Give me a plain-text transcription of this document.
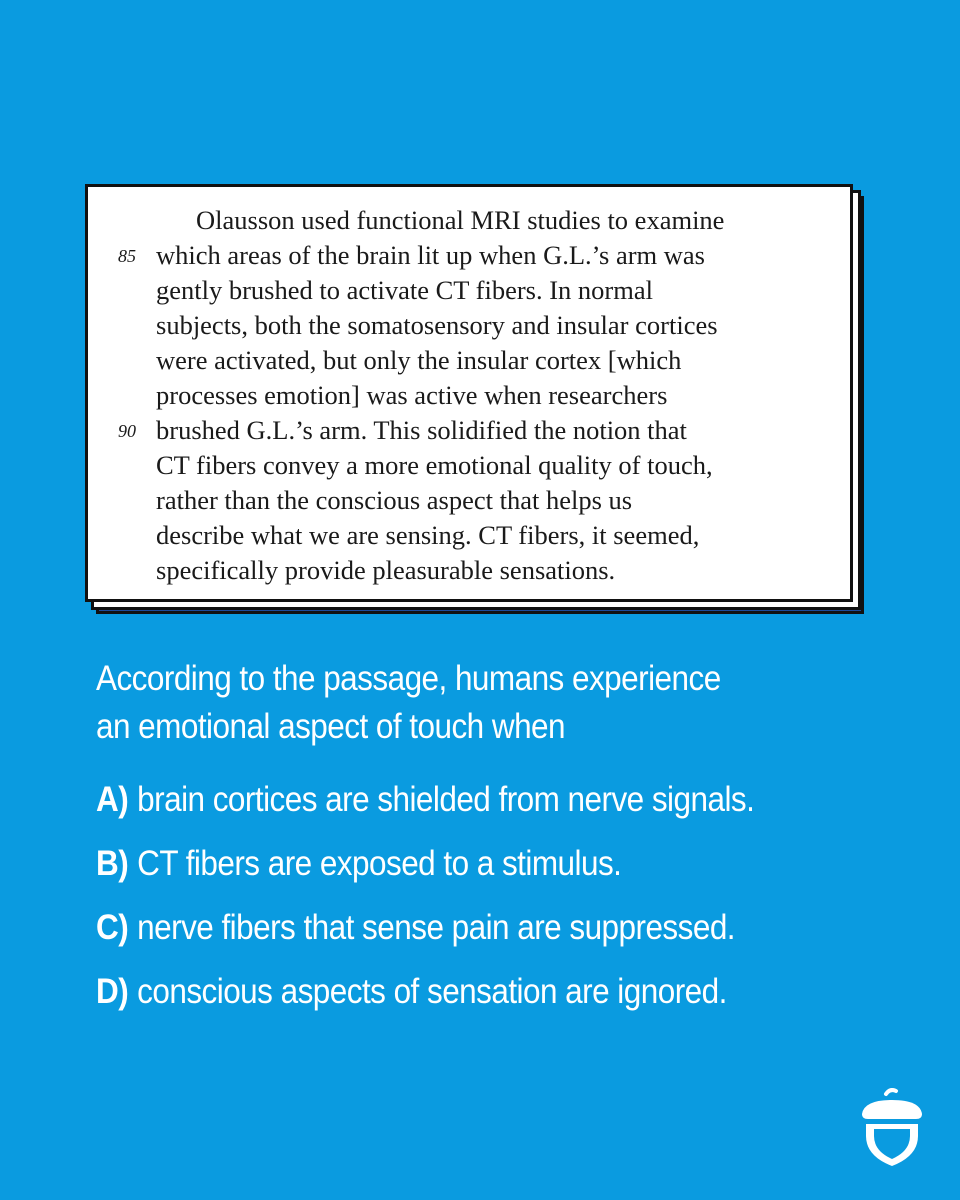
Olausson used functional MRI studies to examine
85 which areas of the brain lit up when G.L.’s arm was
gently brushed to activate CT fibers. In normal
subjects, both the somatosensory and insular cortices
were activated, but only the insular cortex [which
processes emotion] was active when researchers
90 brushed G.L.’s arm. This solidified the notion that
CT fibers convey a more emotional quality of touch,
rather than the conscious aspect that helps us
describe what we are sensing. CT fibers, it seemed,
specifically provide pleasurable sensations.
According to the passage, humans experience
an emotional aspect of touch when
A) brain cortices are shielded from nerve signals.
B) CT fibers are exposed to a stimulus.
C) nerve fibers that sense pain are suppressed.
D) conscious aspects of sensation are ignored.
